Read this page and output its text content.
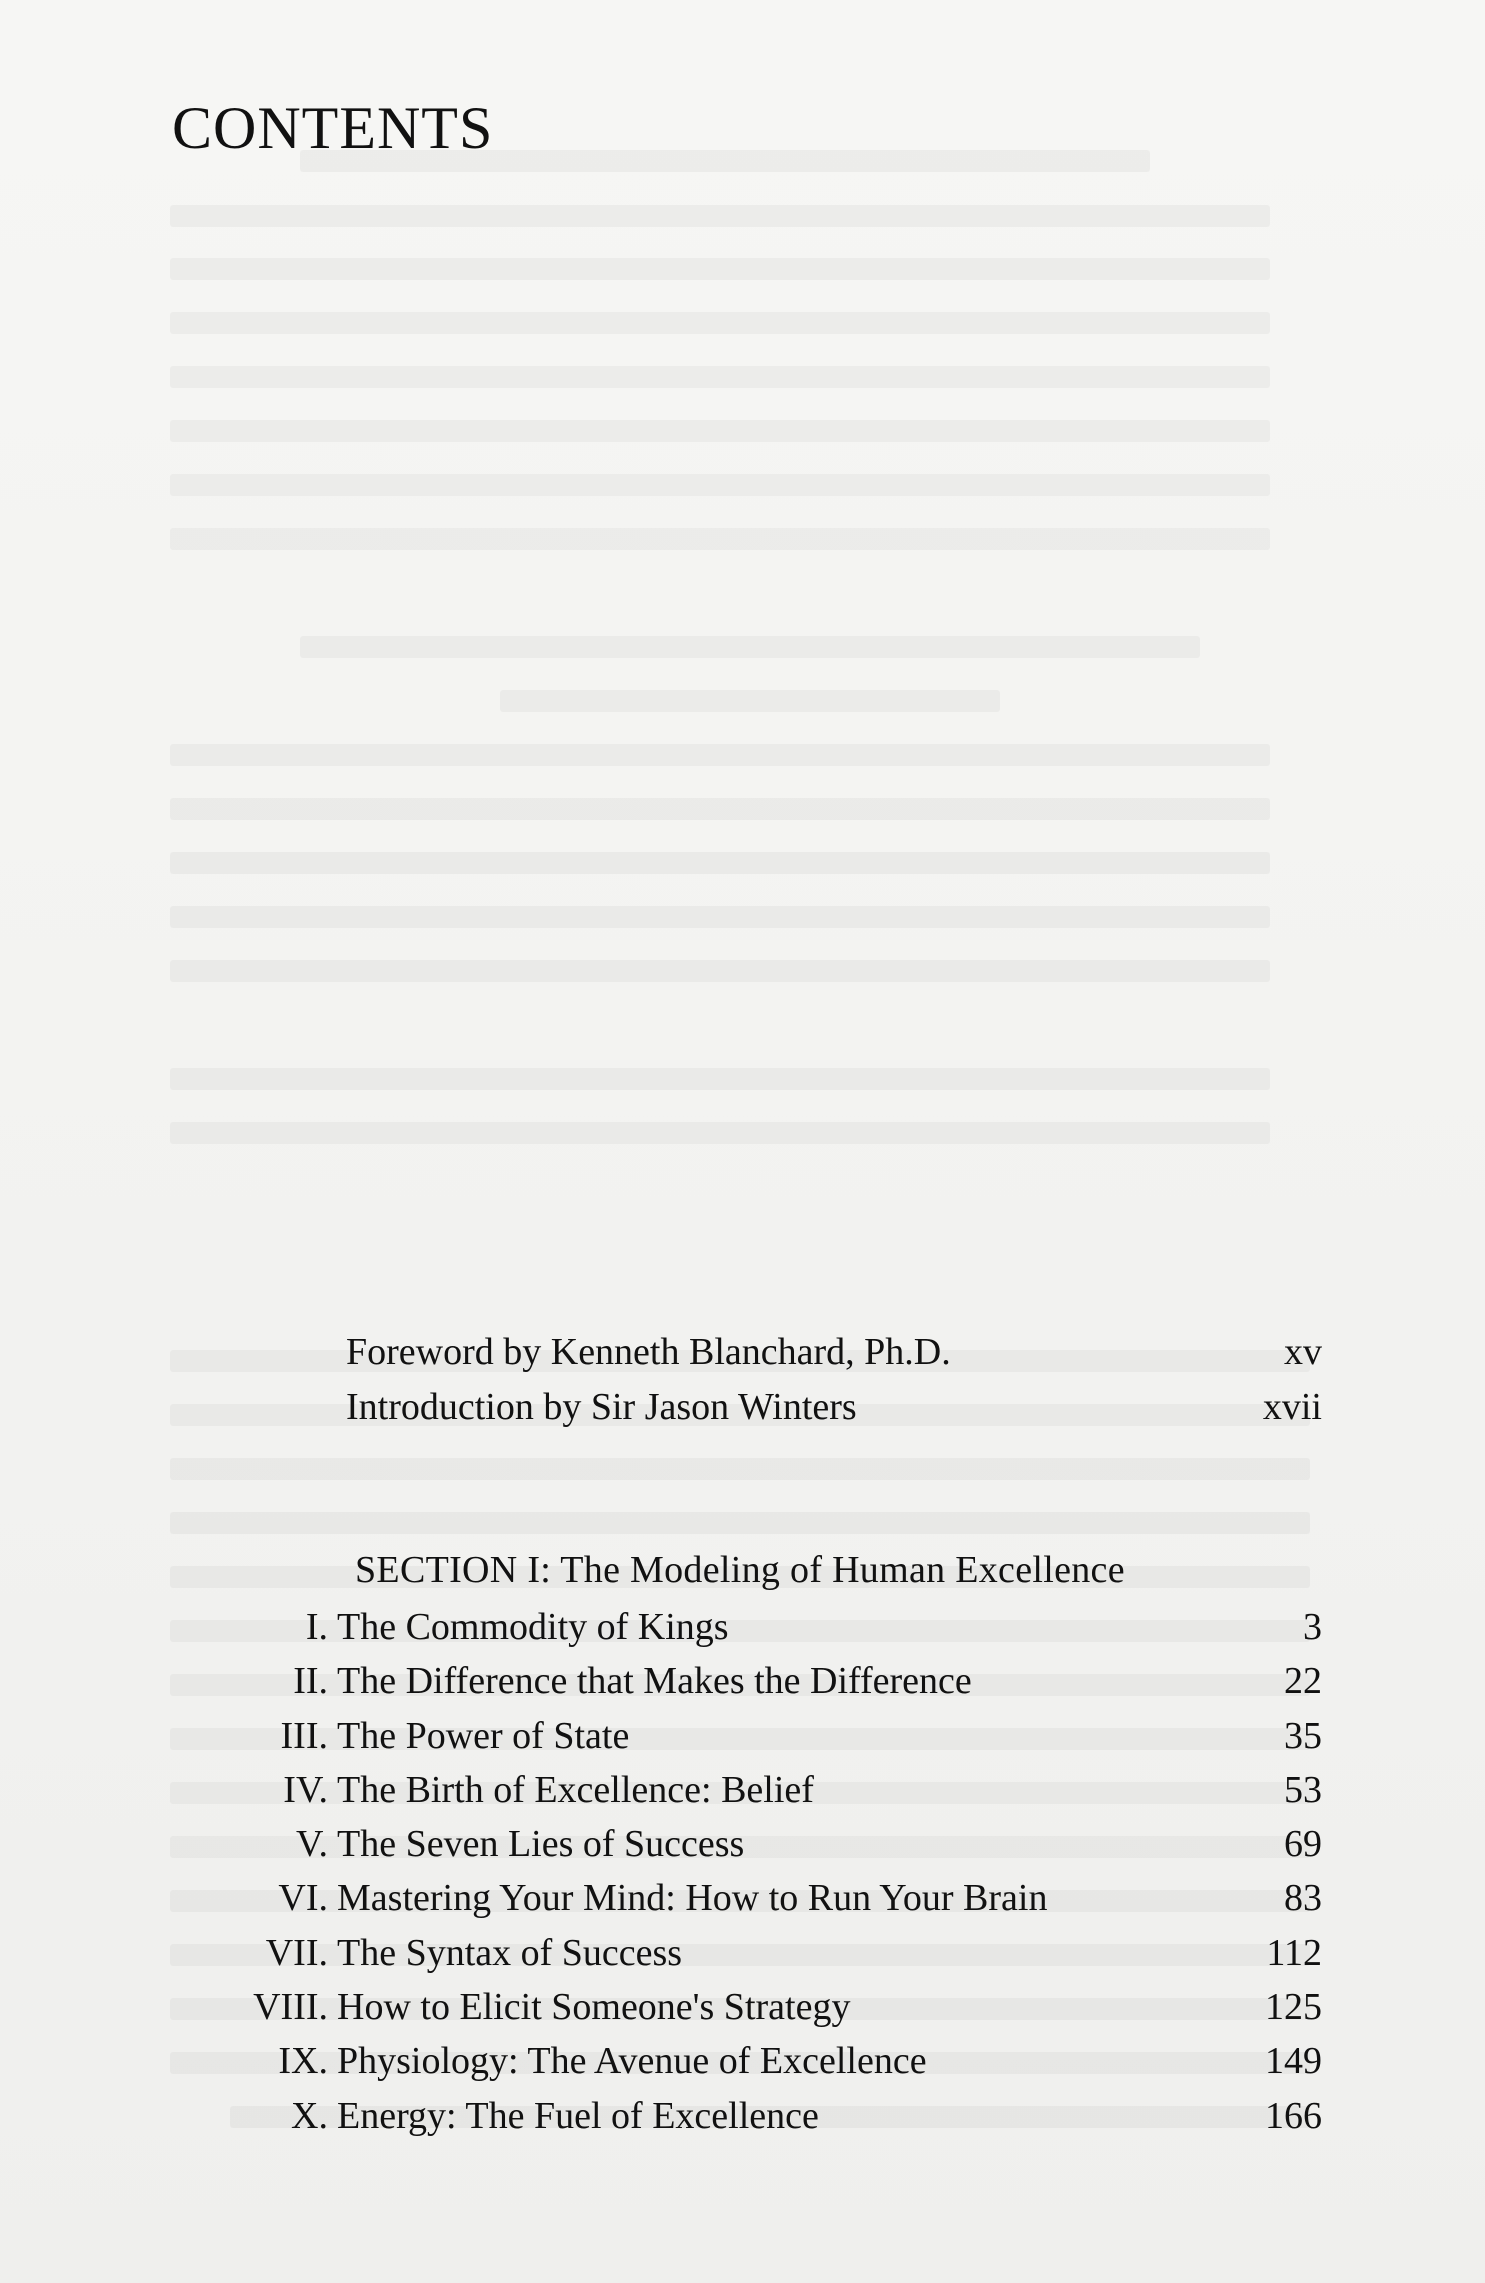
CONTENTS
Foreword by Kenneth Blanchard, Ph.D.	xv
Introduction by Sir Jason Winters	xvii
SECTION I: The Modeling of Human Excellence
I. The Commodity of Kings	3
II. The Difference that Makes the Difference	22
III. The Power of State	35
IV. The Birth of Excellence: Belief	53
V. The Seven Lies of Success	69
VI. Mastering Your Mind: How to Run Your Brain	83
VII. The Syntax of Success	112
VIII. How to Elicit Someone's Strategy	125
IX. Physiology: The Avenue of Excellence	149
X. Energy: The Fuel of Excellence	166
